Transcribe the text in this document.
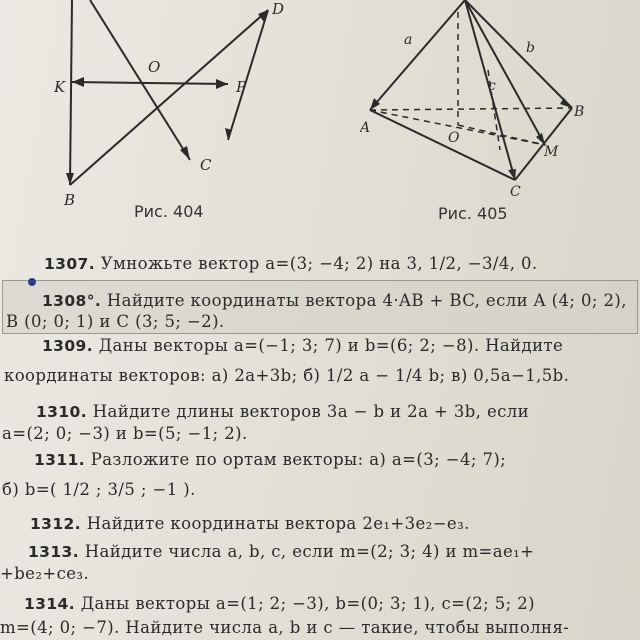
D
O
K	P
C
B
Рис. 404
a	b
c
A
B
O
M
C
Рис. 405
1307. Умножьте вектор a=(3; −4; 2) на 3, 1/2, −3/4, 0.
1308°. Найдите координаты вектора 4·AB + BC, если A (4; 0; 2),
B (0; 0; 1) и C (3; 5; −2).
1309. Даны векторы a=(−1; 3; 7) и b=(6; 2; −8). Найдите
координаты векторов: а) 2a+3b; б) 1/2 a − 1/4 b; в) 0,5a−1,5b.
1310. Найдите длины векторов 3a − b и 2a + 3b, если
a=(2; 0; −3) и b=(5; −1; 2).
1311. Разложите по ортам векторы: а) a=(3; −4; 7);
б) b=( 1/2 ; 3/5 ; −1 ).
1312. Найдите координаты вектора 2e₁+3e₂−e₃.
1313. Найдите числа a, b, c, если m=(2; 3; 4) и m=ae₁+
+be₂+ce₃.
1314. Даны векторы a=(1; 2; −3), b=(0; 3; 1), c=(2; 5; 2)
m=(4; 0; −7). Найдите числа a, b и c — такие, чтобы выполня-
